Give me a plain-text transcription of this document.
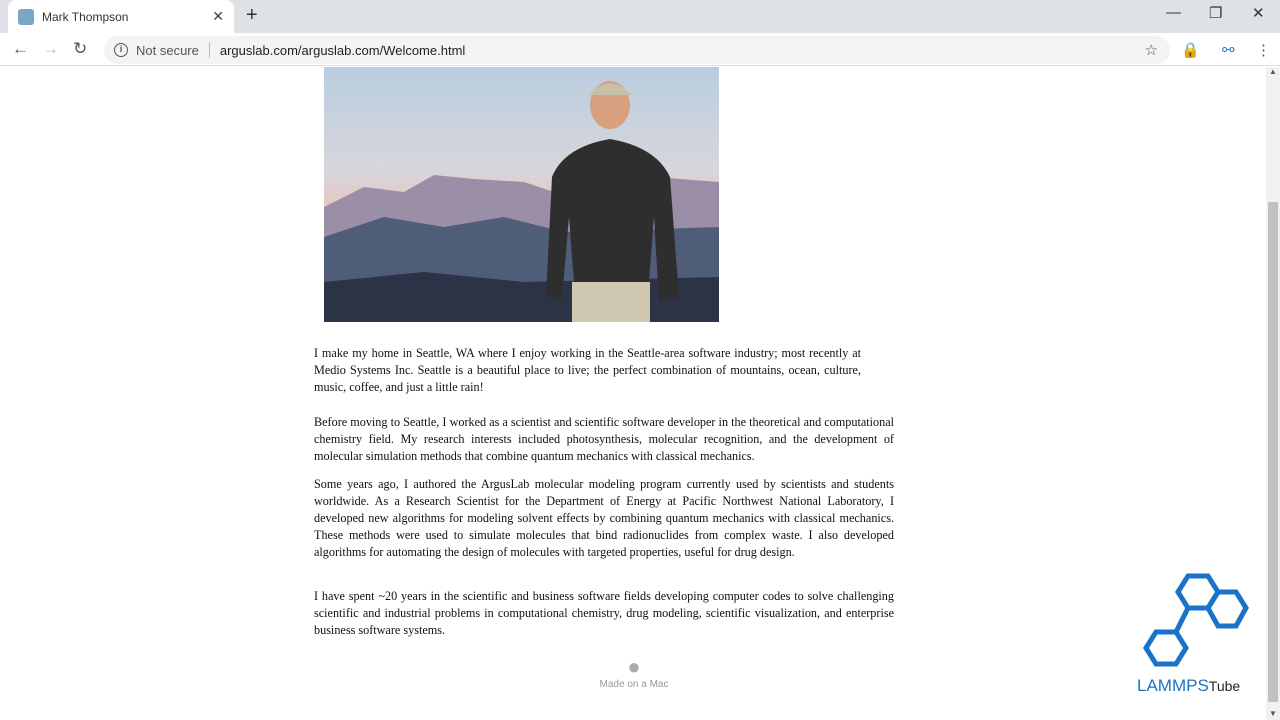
Mark Thompson	✕ +	— ❐ ✕
← → ↻	i	Not secure arguslab.com/arguslab.com/Welcome.html	☆ 🔒 ⚯ ⋮
I make my home in Seattle, WA where I enjoy working in the Seattle-area software industry; most recently at Medio Systems Inc. Seattle is a beautiful place to live; the perfect combination of mountains, ocean, culture, music, coffee, and just a little rain!
Before moving to Seattle, I worked as a scientist and scientific software developer in the theoretical and computational chemistry field. My research interests included photosynthesis, molecular recognition, and the development of molecular simulation methods that combine quantum mechanics with classical mechanics.
Some years ago, I authored the ArgusLab molecular modeling program currently used by scientists and students worldwide. As a Research Scientist for the Department of Energy at Pacific Northwest National Laboratory, I developed new algorithms for modeling solvent effects by combining quantum mechanics with classical mechanics. These methods were used to simulate molecules that bind radionuclides from complex waste. I also developed algorithms for automating the design of molecules with targeted properties, useful for drug design.
I have spent ~20 years in the scientific and business software fields developing computer codes to solve challenging scientific and industrial problems in computational chemistry, drug modeling, scientific visualization, and enterprise business software systems.
●
Made on a Mac
▲
▼
LAMMPSTube
